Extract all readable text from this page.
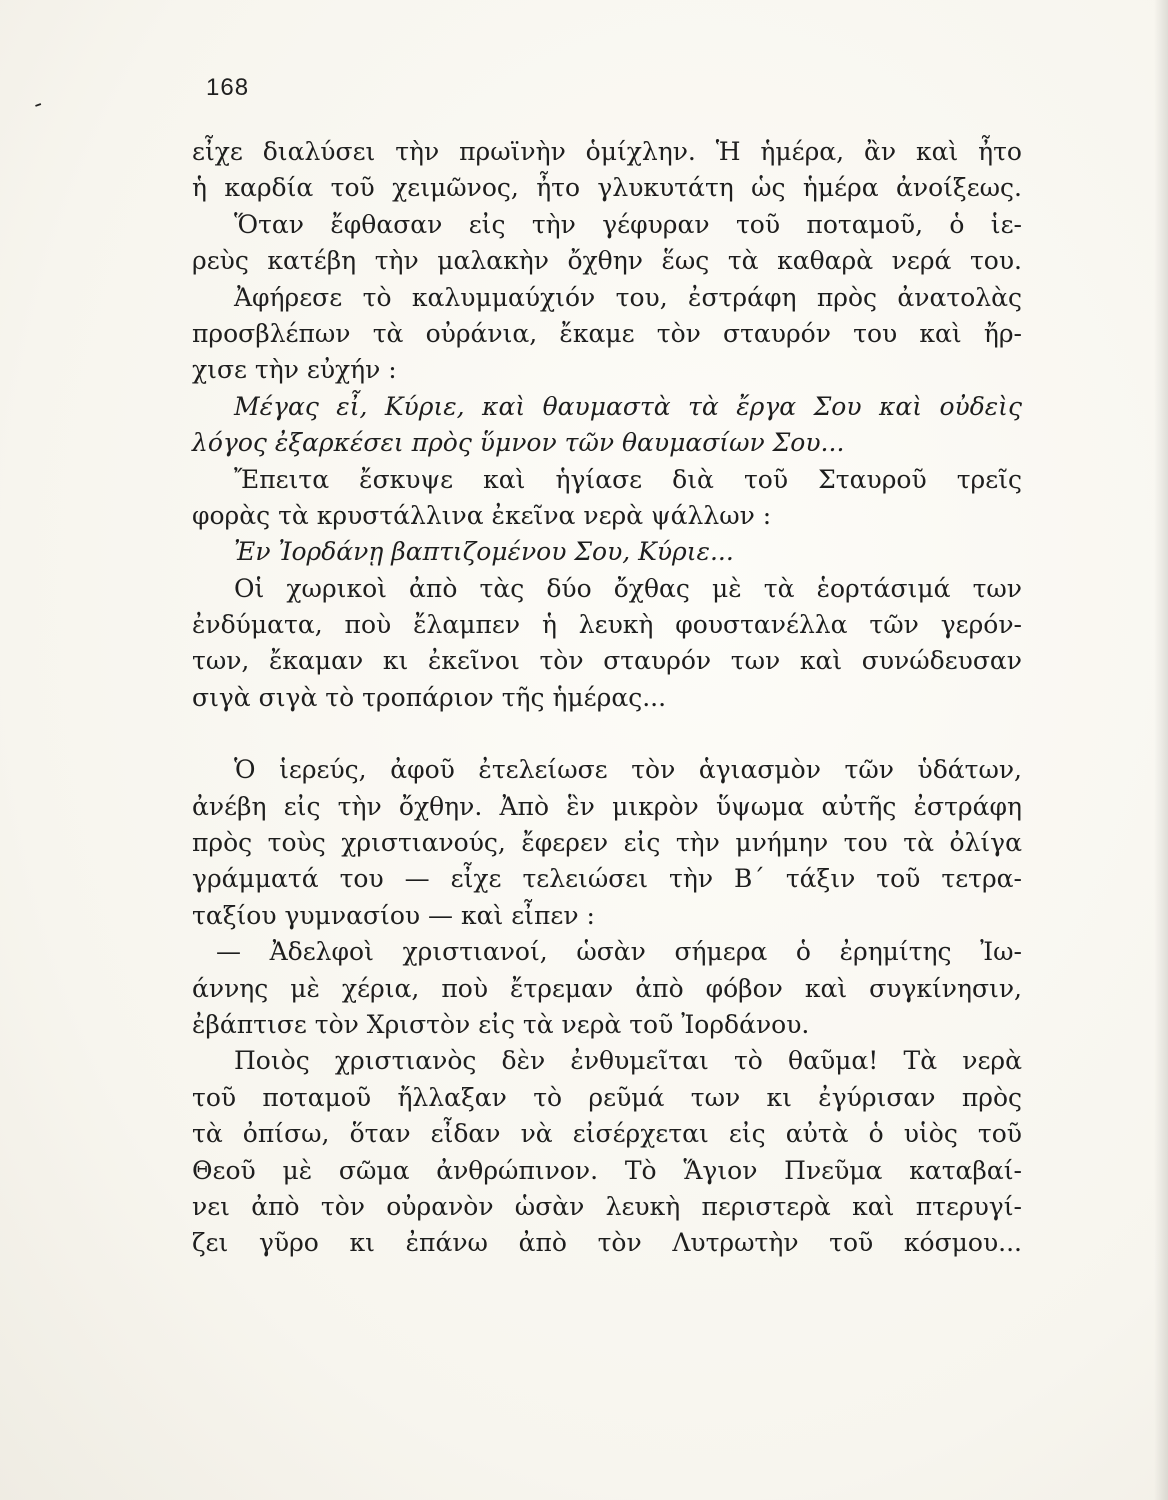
-
168
εἶχε διαλύσει τὴν πρωϊνὴν ὁμίχλην. Ἡ ἡμέρα, ἂν καὶ ἦτο
ἡ καρδία τοῦ χειμῶνος, ἦτο γλυκυτάτη ὡς ἡμέρα ἀνοίξεως.
Ὅταν ἔφθασαν εἰς τὴν γέφυραν τοῦ ποταμοῦ, ὁ ἱε-
ρεὺς κατέβη τὴν μαλακὴν ὄχθην ἕως τὰ καθαρὰ νερά του.
Ἀφήρεσε τὸ καλυμμαύχιόν του, ἐστράφη πρὸς ἀνατολὰς
προσβλέπων τὰ οὐράνια, ἔκαμε τὸν σταυρόν του καὶ ἤρ-
χισε τὴν εὐχήν :
Μέγας εἶ, Κύριε, καὶ θαυμαστὰ τὰ ἔργα Σου καὶ οὐδεὶς
λόγος ἐξαρκέσει πρὸς ὕμνον τῶν θαυμασίων Σου...
Ἔπειτα ἔσκυψε καὶ ἡγίασε διὰ τοῦ Σταυροῦ τρεῖς
φορὰς τὰ κρυστάλλινα ἐκεῖνα νερὰ ψάλλων :
Ἐν Ἰορδάνῃ βαπτιζομένου Σου, Κύριε...
Οἱ χωρικοὶ ἀπὸ τὰς δύο ὄχθας μὲ τὰ ἑορτάσιμά των
ἐνδύματα, ποὺ ἔλαμπεν ἡ λευκὴ φουστανέλλα τῶν γερόν-
των, ἔκαμαν κι ἐκεῖνοι τὸν σταυρόν των καὶ συνώδευσαν
σιγὰ σιγὰ τὸ τροπάριον τῆς ἡμέρας...
Ὁ ἱερεύς, ἀφοῦ ἐτελείωσε τὸν ἁγιασμὸν τῶν ὑδάτων,
ἀνέβη εἰς τὴν ὄχθην. Ἀπὸ ἓν μικρὸν ὕψωμα αὐτῆς ἐστράφη
πρὸς τοὺς χριστιανούς, ἔφερεν εἰς τὴν μνήμην του τὰ ὀλίγα
γράμματά του — εἶχε τελειώσει τὴν Β΄ τάξιν τοῦ τετρα-
ταξίου γυμνασίου — καὶ εἶπεν :
— Ἀδελφοὶ χριστιανοί, ὡσὰν σήμερα ὁ ἐρημίτης Ἰω-
άννης μὲ χέρια, ποὺ ἔτρεμαν ἀπὸ φόβον καὶ συγκίνησιν,
ἐβάπτισε τὸν Χριστὸν εἰς τὰ νερὰ τοῦ Ἰορδάνου.
Ποιὸς χριστιανὸς δὲν ἐνθυμεῖται τὸ θαῦμα! Τὰ νερὰ
τοῦ ποταμοῦ ἤλλαξαν τὸ ρεῦμά των κι ἐγύρισαν πρὸς
τὰ ὀπίσω, ὅταν εἶδαν νὰ εἰσέρχεται εἰς αὐτὰ ὁ υἱὸς τοῦ
Θεοῦ μὲ σῶμα ἀνθρώπινον. Τὸ Ἅγιον Πνεῦμα καταβαί-
νει ἀπὸ τὸν οὐρανὸν ὡσὰν λευκὴ περιστερὰ καὶ πτερυγί-
ζει γῦρο κι ἐπάνω ἀπὸ τὸν Λυτρωτὴν τοῦ κόσμου...
